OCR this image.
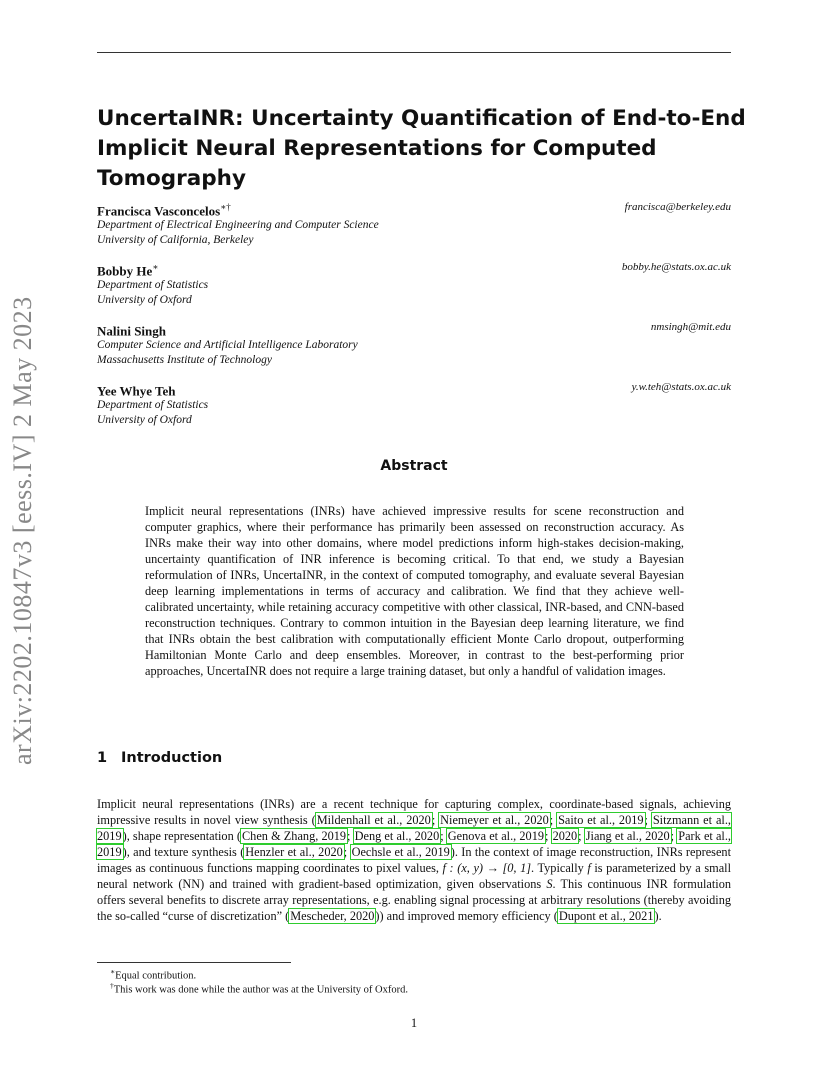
arXiv:2202.10847v3 [eess.IV] 2 May 2023
UncertaINR: Uncertainty Quantification of End-to-End Implicit Neural Representations for Computed Tomography
Francisca Vasconcelos∗†	francisca@berkeley.edu
Department of Electrical Engineering and Computer Science
University of California, Berkeley
Bobby He∗	bobby.he@stats.ox.ac.uk
Department of Statistics
University of Oxford
Nalini Singh	nmsingh@mit.edu
Computer Science and Artificial Intelligence Laboratory
Massachusetts Institute of Technology
Yee Whye Teh	y.w.teh@stats.ox.ac.uk
Department of Statistics
University of Oxford
Abstract
Implicit neural representations (INRs) have achieved impressive results for scene reconstruction and computer graphics, where their performance has primarily been assessed on reconstruction accuracy. As INRs make their way into other domains, where model predictions inform high-stakes decision-making, uncertainty quantification of INR inference is becoming critical. To that end, we study a Bayesian reformulation of INRs, UncertaINR, in the context of computed tomography, and evaluate several Bayesian deep learning implementations in terms of accuracy and calibration. We find that they achieve well-calibrated uncertainty, while retaining accuracy competitive with other classical, INR-based, and CNN-based reconstruction techniques. Contrary to common intuition in the Bayesian deep learning literature, we find that INRs obtain the best calibration with computationally efficient Monte Carlo dropout, outperforming Hamiltonian Monte Carlo and deep ensembles. Moreover, in contrast to the best-performing prior approaches, UncertaINR does not require a large training dataset, but only a handful of validation images.
1 Introduction
Implicit neural representations (INRs) are a recent technique for capturing complex, coordinate-based signals, achieving impressive results in novel view synthesis (Mildenhall et al., 2020; Niemeyer et al., 2020; Saito et al., 2019; Sitzmann et al., 2019), shape representation (Chen & Zhang, 2019; Deng et al., 2020; Genova et al., 2019; 2020; Jiang et al., 2020; Park et al., 2019), and texture synthesis (Henzler et al., 2020; Oechsle et al., 2019). In the context of image reconstruction, INRs represent images as continuous functions mapping coordinates to pixel values, f : (x, y) → [0, 1]. Typically f is parameterized by a small neural network (NN) and trained with gradient-based optimization, given observations S. This continuous INR formulation offers several benefits to discrete array representations, e.g. enabling signal processing at arbitrary resolutions (thereby avoiding the so-called “curse of discretization” (Mescheder, 2020)) and improved memory efficiency (Dupont et al., 2021).
∗Equal contribution.
†This work was done while the author was at the University of Oxford.
1
